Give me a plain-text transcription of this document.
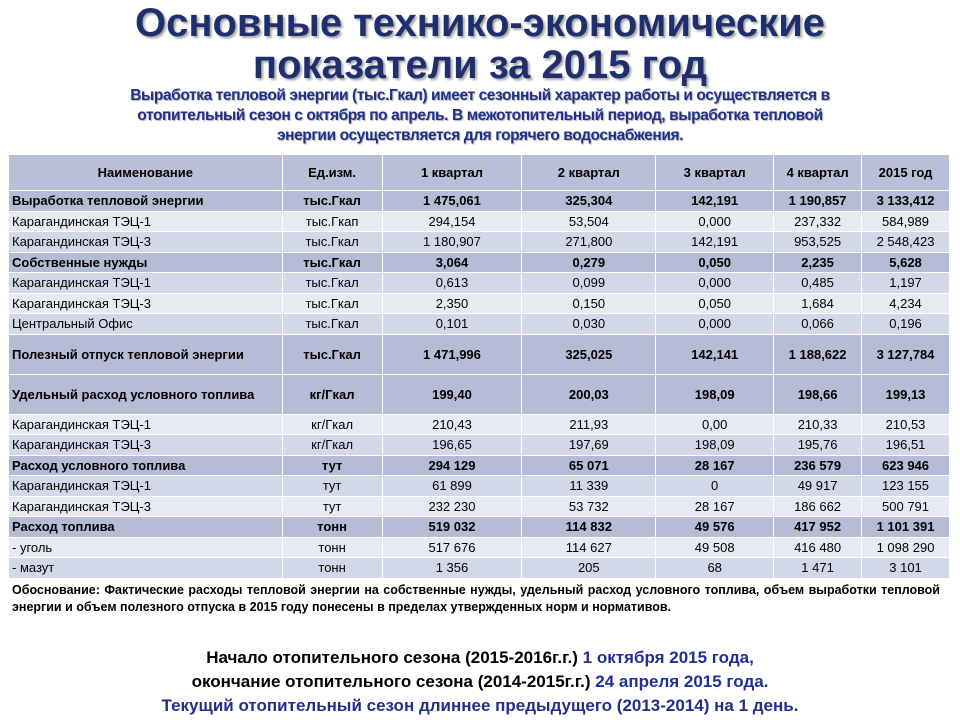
Основные технико-экономические
показатели за 2015 год
Выработка тепловой энергии (тыс.Гкал) имеет сезонный характер работы и осуществляется в
отопительный сезон с октября по апрель. В межотопительный период, выработка тепловой
энергии осуществляется для горячего водоснабжения.
Наименование	Ед.изм.	1 квартал	2 квартал	3 квартал	4 квартал	2015 год
Выработка тепловой энергии	тыс.Гкал	1 475,061	325,304	142,191	1 190,857	3 133,412
Карагандинская ТЭЦ-1	тыс.Гкап	294,154	53,504	0,000	237,332	584,989
Карагандинская ТЭЦ-3	тыс.Гкал	1 180,907	271,800	142,191	953,525	2 548,423
Собственные нужды	тыс.Гкал	3,064	0,279	0,050	2,235	5,628
Карагандинская ТЭЦ-1	тыс.Гкал	0,613	0,099	0,000	0,485	1,197
Карагандинская ТЭЦ-3	тыс.Гкал	2,350	0,150	0,050	1,684	4,234
Центральный Офис	тыс.Гкал	0,101	0,030	0,000	0,066	0,196
Полезный отпуск тепловой энергии	тыс.Гкал	1 471,996	325,025	142,141	1 188,622	3 127,784
Удельный расход условного топлива	кг/Гкал	199,40	200,03	198,09	198,66	199,13
Карагандинская ТЭЦ-1	кг/Гкал	210,43	211,93	0,00	210,33	210,53
Карагандинская ТЭЦ-3	кг/Гкал	196,65	197,69	198,09	195,76	196,51
Расход условного топлива	тут	294 129	65 071	28 167	236 579	623 946
Карагандинская ТЭЦ-1	тут	61 899	11 339	0	49 917	123 155
Карагандинская ТЭЦ-3	тут	232 230	53 732	28 167	186 662	500 791
Расход топлива	тонн	519 032	114 832	49 576	417 952	1 101 391
- уголь	тонн	517 676	114 627	49 508	416 480	1 098 290
- мазут	тонн	1 356	205	68	1 471	3 101
Обоснование: Фактические расходы тепловой энергии на собственные нужды, удельный расход условного топлива, объем выработки тепловой энергии и объем полезного отпуска в 2015 году понесены в пределах утвержденных норм и нормативов.
Начало отопительного сезона (2015-2016г.г.) 1 октября 2015 года,
окончание отопительного сезона (2014-2015г.г.) 24 апреля 2015 года.
Текущий отопительный сезон длиннее предыдущего (2013-2014) на 1 день.
